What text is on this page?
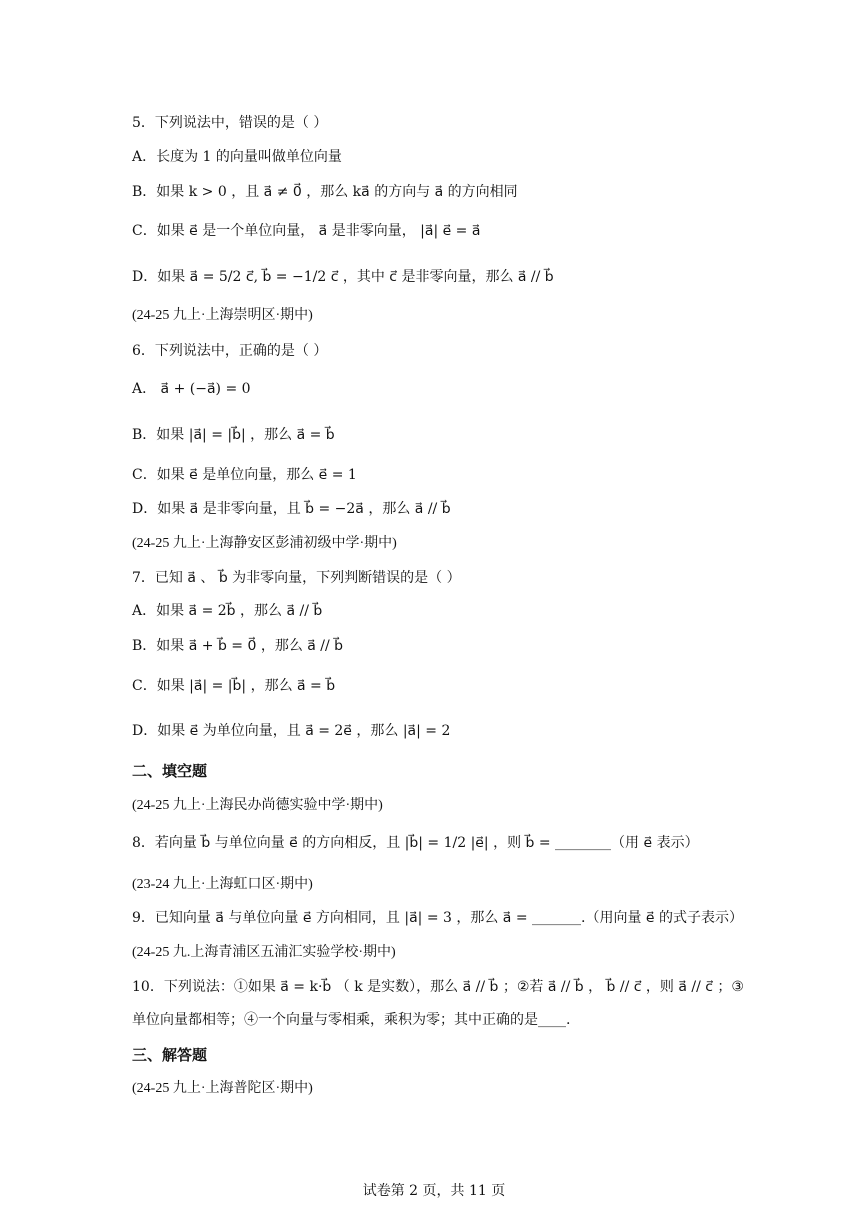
5．下列说法中，错误的是（ ）
A．长度为 1 的向量叫做单位向量
B．如果 k > 0 ，且 a⃗ ≠ 0⃗ ，那么 ka⃗ 的方向与 a⃗ 的方向相同
C．如果 e⃗ 是一个单位向量， a⃗ 是非零向量， |a⃗| e⃗ = a⃗
D．如果 a⃗ = 5/2 c⃗, b⃗ = −1/2 c⃗ ，其中 c⃗ 是非零向量，那么 a⃗ // b⃗
(24-25 九上·上海崇明区·期中)
6．下列说法中，正确的是（ ）
A． a⃗ + (−a⃗) = 0
B．如果 |a⃗| = |b⃗| ，那么 a⃗ = b⃗
C．如果 e⃗ 是单位向量，那么 e⃗ = 1
D．如果 a⃗ 是非零向量，且 b⃗ = −2a⃗ ，那么 a⃗ // b⃗
(24-25 九上·上海静安区彭浦初级中学·期中)
7．已知 a⃗ 、 b⃗ 为非零向量，下列判断错误的是（ ）
A．如果 a⃗ = 2b⃗ ，那么 a⃗ // b⃗
B．如果 a⃗ + b⃗ = 0⃗ ，那么 a⃗ // b⃗
C．如果 |a⃗| = |b⃗| ，那么 a⃗ = b⃗
D．如果 e⃗ 为单位向量，且 a⃗ = 2e⃗ ，那么 |a⃗| = 2
二、填空题
(24-25 九上·上海民办尚德实验中学·期中)
8．若向量 b⃗ 与单位向量 e⃗ 的方向相反，且 |b⃗| = 1/2 |e⃗| ，则 b⃗ = ________（用 e⃗ 表示）
(23-24 九上·上海虹口区·期中)
9．已知向量 a⃗ 与单位向量 e⃗ 方向相同，且 |a⃗| = 3 ，那么 a⃗ = _______.（用向量 e⃗ 的式子表示）
(24-25 九.上海青浦区五浦汇实验学校·期中)
10．下列说法：①如果 a⃗ = k·b⃗ （ k 是实数），那么 a⃗ // b⃗ ；②若 a⃗ // b⃗ ， b⃗ // c⃗ ，则 a⃗ // c⃗ ；③
单位向量都相等；④一个向量与零相乘，乘积为零；其中正确的是____.
三、解答题
(24-25 九上·上海普陀区·期中)
试卷第 2 页，共 11 页
